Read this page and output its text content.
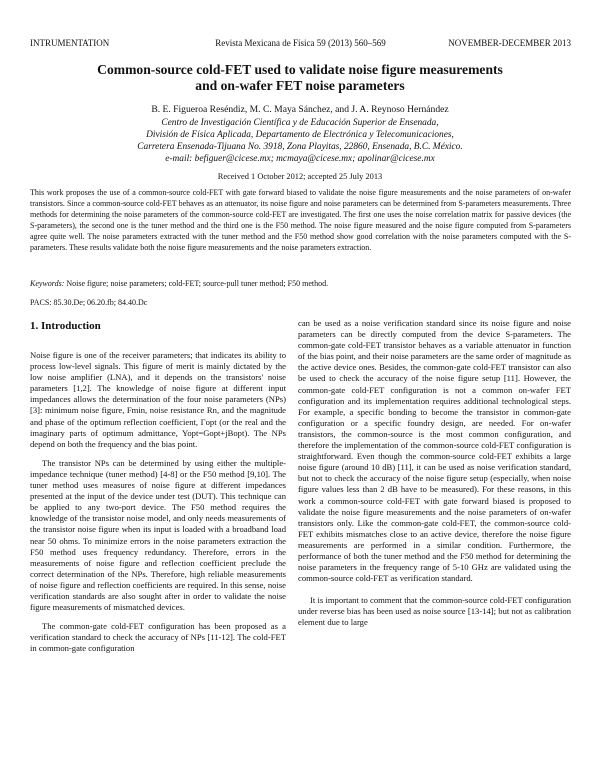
INTRUMENTATION	Revista Mexicana de Física 59 (2013) 560–569	NOVEMBER-DECEMBER 2013
Common-source cold-FET used to validate noise figure measurements
and on-wafer FET noise parameters
B. E. Figueroa Reséndiz, M. C. Maya Sánchez, and J. A. Reynoso Hernández
Centro de Investigación Científica y de Educación Superior de Ensenada,
División de Física Aplicada, Departamento de Electrónica y Telecomunicaciones,
Carretera Ensenada-Tijuana No. 3918, Zona Playitas, 22860, Ensenada, B.C. México.
e-mail: befiguer@cicese.mx; mcmaya@cicese.mx; apolinar@cicese.mx
Received 1 October 2012; accepted 25 July 2013
This work proposes the use of a common-source cold-FET with gate forward biased to validate the noise figure measurements and the noise parameters of on-wafer transistors. Since a common-source cold-FET behaves as an attenuator, its noise figure and noise parameters can be determined from S-parameters measurements. Three methods for determining the noise parameters of the common-source cold-FET are investigated. The first one uses the noise correlation matrix for passive devices (the S-parameters), the second one is the tuner method and the third one is the F50 method. The noise figure measured and the noise figure computed from S-parameters agree quite well. The noise parameters extracted with the tuner method and the F50 method show good correlation with the noise parameters computed with the S-parameters. These results validate both the noise figure measurements and the noise parameters extraction.
Keywords: Noise figure; noise parameters; cold-FET; source-pull tuner method; F50 method.
PACS: 85.30.De; 06.20.fb; 84.40.Dc
1. Introduction

Noise figure is one of the receiver parameters; that indicates its ability to process low-level signals. This figure of merit is mainly dictated by the low noise amplifier (LNA), and it depends on the transistors' noise parameters [1,2]. The knowledge of noise figure at different input impedances allows the determination of the four noise parameters (NPs) [3]: minimum noise figure, Fmin, noise resistance Rn, and the magnitude and phase of the optimum reflection coefficient, Γopt (or the real and the imaginary parts of optimum admittance, Yopt=Gopt+jBopt). The NPs depend on both the frequency and the bias point.

The transistor NPs can be determined by using either the multiple-impedance technique (tuner method) [4-8] or the F50 method [9,10]. The tuner method uses measures of noise figure at different impedances presented at the input of the device under test (DUT). This technique can be applied to any two-port device. The F50 method requires the knowledge of the transistor noise model, and only needs measurements of the transistor noise figure when its input is loaded with a broadband load near 50 ohms. To minimize errors in the noise parameters extraction the F50 method uses frequency redundancy. Therefore, errors in the measurements of noise figure and reflection coefficient preclude the correct determination of the NPs. Therefore, high reliable measurements of noise figure and reflection coefficients are required. In this sense, noise verification standards are also sought after in order to validate the noise figure measurements of mismatched devices.

The common-gate cold-FET configuration has been proposed as a verification standard to check the accuracy of NPs [11-12]. The cold-FET in common-gate configuration

can be used as a noise verification standard since its noise figure and noise parameters can be directly computed from the device S-parameters. The common-gate cold-FET transistor behaves as a variable attenuator in function of the bias point, and their noise parameters are the same order of magnitude as the active device ones. Besides, the common-gate cold-FET transistor can also be used to check the accuracy of the noise figure setup [11]. However, the common-gate cold-FET configuration is not a common on-wafer FET configuration and its implementation requires additional technological steps. For example, a specific bonding to become the transistor in common-gate configuration or a specific foundry design, are needed. For on-wafer transistors, the common-source is the most common configuration, and therefore the implementation of the common-source cold-FET configuration is straightforward. Even though the common-source cold-FET exhibits a large noise figure (around 10 dB) [11], it can be used as noise verification standard, but not to check the accuracy of the noise figure setup (especially, when noise figure values less than 2 dB have to be measured). For these reasons, in this work a common-source cold-FET with gate forward biased is proposed to validate the noise figure measurements and the noise parameters of on-wafer transistors only. Like the common-gate cold-FET, the common-source cold-FET exhibits mismatches close to an active device, therefore the noise figure measurements are performed in a similar condition. Furthermore, the performance of both the tuner method and the F50 method for determining the noise parameters in the frequency range of 5-10 GHz are validated using the common-source cold-FET as verification standard.

It is important to comment that the common-source cold-FET configuration under reverse bias has been used as noise source [13-14]; but not as calibration element due to large
